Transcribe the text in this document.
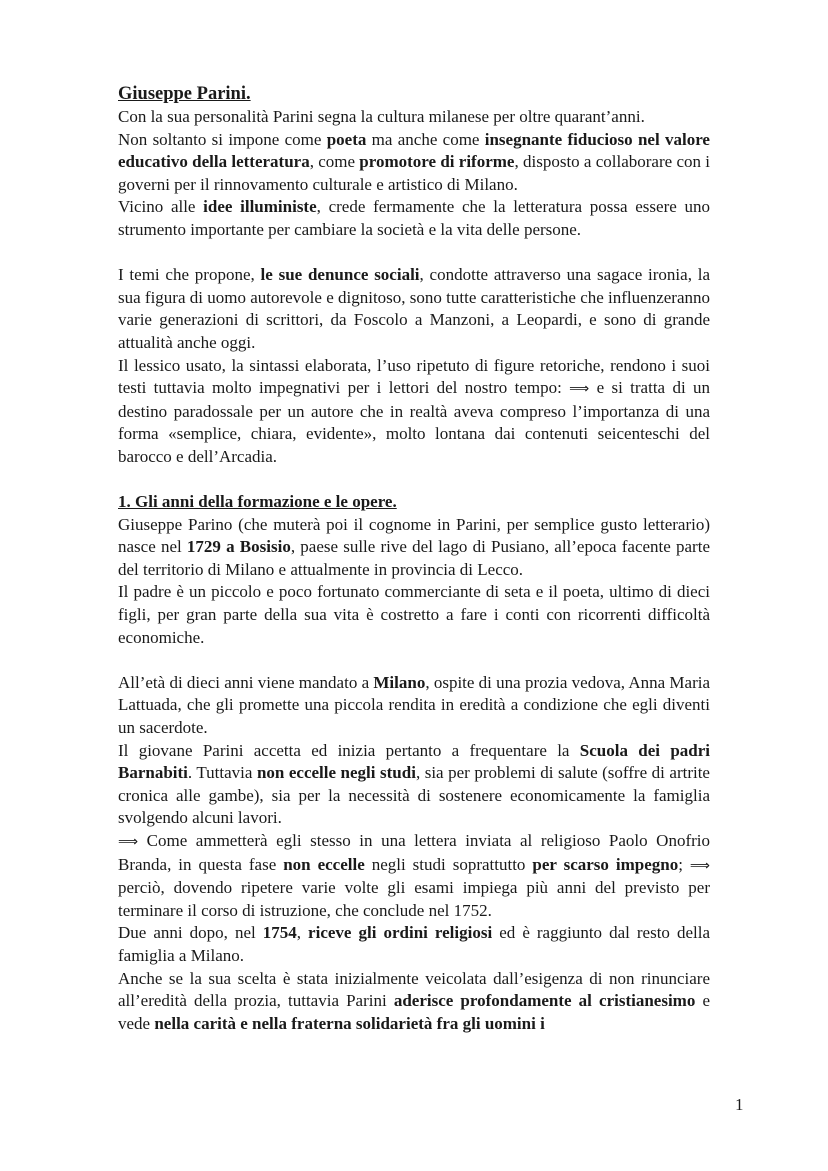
Giuseppe Parini.

Con la sua personalità Parini segna la cultura milanese per oltre quarant’anni.

Non soltanto si impone come poeta ma anche come insegnante fiducioso nel valore educativo della letteratura, come promotore di riforme, disposto a collaborare con i governi per il rinnovamento culturale e artistico di Milano.

Vicino alle idee illuministe, crede fermamente che la letteratura possa essere uno strumento importante per cambiare la società e la vita delle persone.

I temi che propone, le sue denunce sociali, condotte attraverso una sagace ironia, la sua figura di uomo autorevole e dignitoso, sono tutte caratteristiche che influenzeranno varie generazioni di scrittori, da Foscolo a Manzoni, a Leopardi, e sono di grande attualità anche oggi.

Il lessico usato, la sintassi elaborata, l’uso ripetuto di figure retoriche, rendono i suoi testi tuttavia molto impegnativi per i lettori del nostro tempo: ⟹ e si tratta di un destino paradossale per un autore che in realtà aveva compreso l’importanza di una forma «semplice, chiara, evidente», molto lontana dai contenuti seicenteschi del barocco e dell’Arcadia.

1. Gli anni della formazione e le opere.

Giuseppe Parino (che muterà poi il cognome in Parini, per semplice gusto letterario) nasce nel 1729 a Bosisio, paese sulle rive del lago di Pusiano, all’epoca facente parte del territorio di Milano e attualmente in provincia di Lecco.

Il padre è un piccolo e poco fortunato commerciante di seta e il poeta, ultimo di dieci figli, per gran parte della sua vita è costretto a fare i conti con ricorrenti difficoltà economiche.

All’età di dieci anni viene mandato a Milano, ospite di una prozia vedova, Anna Maria Lattuada, che gli promette una piccola rendita in eredità a condizione che egli diventi un sacerdote.

Il giovane Parini accetta ed inizia pertanto a frequentare la Scuola dei padri Barnabiti. Tuttavia non eccelle negli studi, sia per problemi di salute (soffre di artrite cronica alle gambe), sia per la necessità di sostenere economicamente la famiglia svolgendo alcuni lavori.

⟹ Come ammetterà egli stesso in una lettera inviata al religioso Paolo Onofrio Branda, in questa fase non eccelle negli studi soprattutto per scarso impegno; ⟹ perciò, dovendo ripetere varie volte gli esami impiega più anni del previsto per terminare il corso di istruzione, che conclude nel 1752.

Due anni dopo, nel 1754, riceve gli ordini religiosi ed è raggiunto dal resto della famiglia a Milano.

Anche se la sua scelta è stata inizialmente veicolata dall’esigenza di non rinunciare all’eredità della prozia, tuttavia Parini aderisce profondamente al cristianesimo e vede nella carità e nella fraterna solidarietà fra gli uomini i

1
